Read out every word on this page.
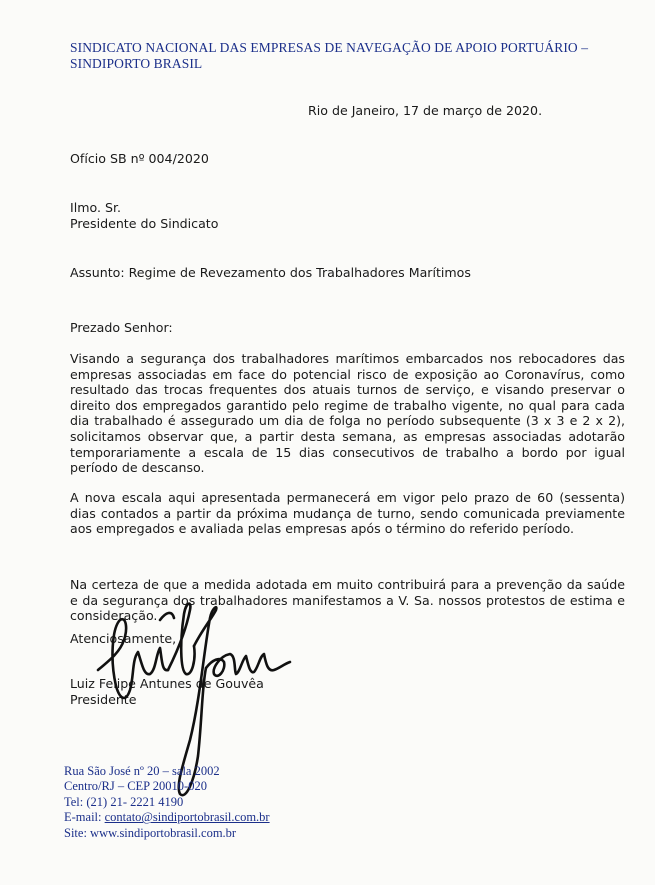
SINDICATO NACIONAL DAS EMPRESAS DE NAVEGAÇÃO DE APOIO PORTUÁRIO –
SINDIPORTO BRASIL
Rio de Janeiro, 17 de março de 2020.
Ofício SB nº 004/2020
Ilmo. Sr.
Presidente do Sindicato
Assunto: Regime de Revezamento dos Trabalhadores Marítimos
Prezado Senhor:
Visando a segurança dos trabalhadores marítimos embarcados nos rebocadores das empresas associadas em face do potencial risco de exposição ao Coronavírus, como resultado das trocas frequentes dos atuais turnos de serviço, e visando preservar o direito dos empregados garantido pelo regime de trabalho vigente, no qual para cada dia trabalhado é assegurado um dia de folga no período subsequente (3 x 3 e 2 x 2), solicitamos observar que, a partir desta semana, as empresas associadas adotarão temporariamente a escala de 15 dias consecutivos de trabalho a bordo por igual período de descanso.
A nova escala aqui apresentada permanecerá em vigor pelo prazo de 60 (sessenta) dias contados a partir da próxima mudança de turno, sendo comunicada previamente aos empregados e avaliada pelas empresas após o término do referido período.
Na certeza de que a medida adotada em muito contribuirá para a prevenção da saúde e da segurança dos trabalhadores manifestamos a V. Sa. nossos protestos de estima e consideração.
Atenciosamente,
Luiz Felipe Antunes de Gouvêa
Presidente
Rua São José nº 20 – sala 2002
Centro/RJ – CEP 20010-020
Tel: (21) 21- 2221 4190
E-mail: contato@sindiportobrasil.com.br
Site: www.sindiportobrasil.com.br
